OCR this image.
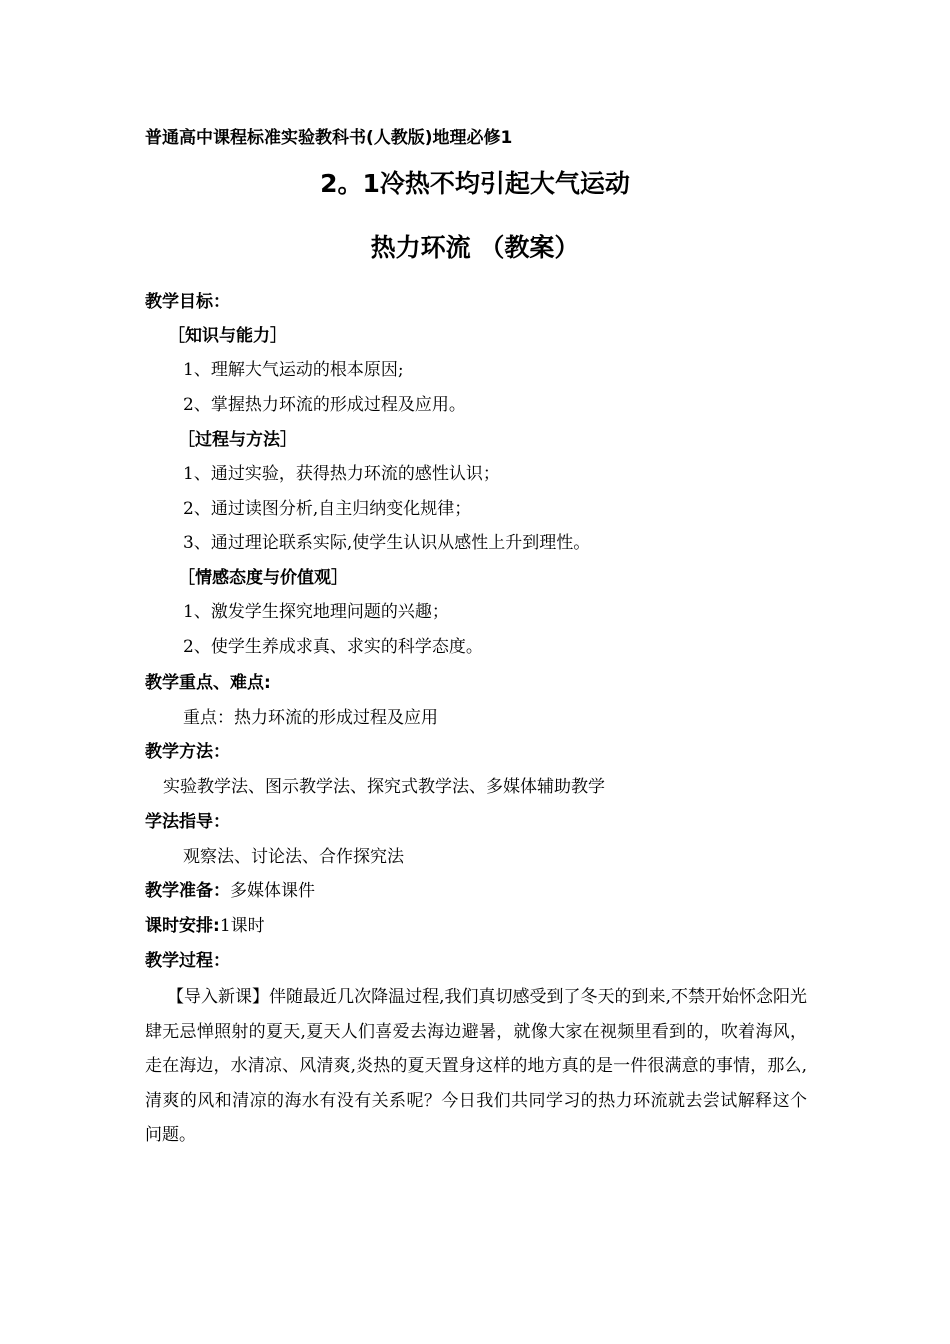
普通高中课程标准实验教科书(人教版)地理必修1
2。1冷热不均引起大气运动
热力环流 （教案）
教学目标：
［知识与能力］
1、理解大气运动的根本原因;
2、掌握热力环流的形成过程及应用。
［过程与方法］
1、通过实验，获得热力环流的感性认识；
2、通过读图分析,自主归纳变化规律；
3、通过理论联系实际,使学生认识从感性上升到理性。
［情感态度与价值观］
1、激发学生探究地理问题的兴趣；
2、使学生养成求真、求实的科学态度。
教学重点、难点:
重点：热力环流的形成过程及应用
教学方法：
实验教学法、图示教学法、探究式教学法、多媒体辅助教学
学法指导：
观察法、讨论法、合作探究法
教学准备：多媒体课件
课时安排:1课时
教学过程：
【导入新课】伴随最近几次降温过程,我们真切感受到了冬天的到来,不禁开始怀念阳光肆无忌惮照射的夏天,夏天人们喜爱去海边避暑，就像大家在视频里看到的，吹着海风，走在海边，水清凉、风清爽,炎热的夏天置身这样的地方真的是一件很满意的事情，那么,清爽的风和清凉的海水有没有关系呢？今日我们共同学习的热力环流就去尝试解释这个问题。
